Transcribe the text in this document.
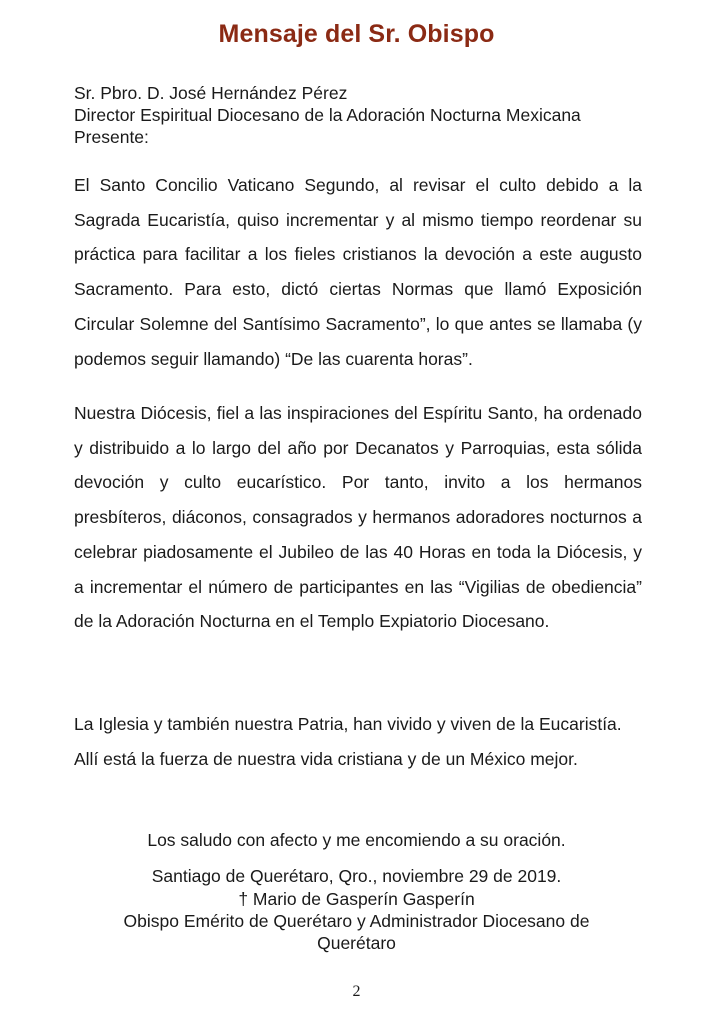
Mensaje del Sr. Obispo
Sr. Pbro. D. José Hernández Pérez
Director Espiritual Diocesano de la Adoración Nocturna Mexicana
Presente:

El Santo Concilio Vaticano Segundo, al revisar el culto debido a la Sagrada Eucaristía, quiso incrementar y al mismo tiempo reordenar su práctica para facilitar a los fieles cristianos la devoción a este augusto Sacramento. Para esto, dictó ciertas Normas que llamó Exposición Circular Solemne del Santísimo Sacramento”, lo que antes se llamaba (y podemos seguir llamando) “De las cuarenta horas”.

Nuestra Diócesis, fiel a las inspiraciones del Espíritu Santo, ha ordenado y distribuido a lo largo del año por Decanatos y Parroquias, esta sólida devoción y culto eucarístico. Por tanto, invito a los hermanos presbíteros, diáconos, consagrados y hermanos adoradores nocturnos a celebrar piadosamente el Jubileo de las 40 Horas en toda la Diócesis, y a incrementar el número de participantes en las “Vigilias de obediencia” de la Adoración Nocturna en el Templo Expiatorio Diocesano.

La Iglesia y también nuestra Patria, han vivido y viven de la Eucaristía.
Allí está la fuerza de nuestra vida cristiana y de un México mejor.
Los saludo con afecto y me encomiendo a su oración.
Santiago de Querétaro, Qro., noviembre 29 de 2019.
† Mario de Gasperín Gasperín
Obispo Emérito de Querétaro y Administrador Diocesano de
Querétaro
2
